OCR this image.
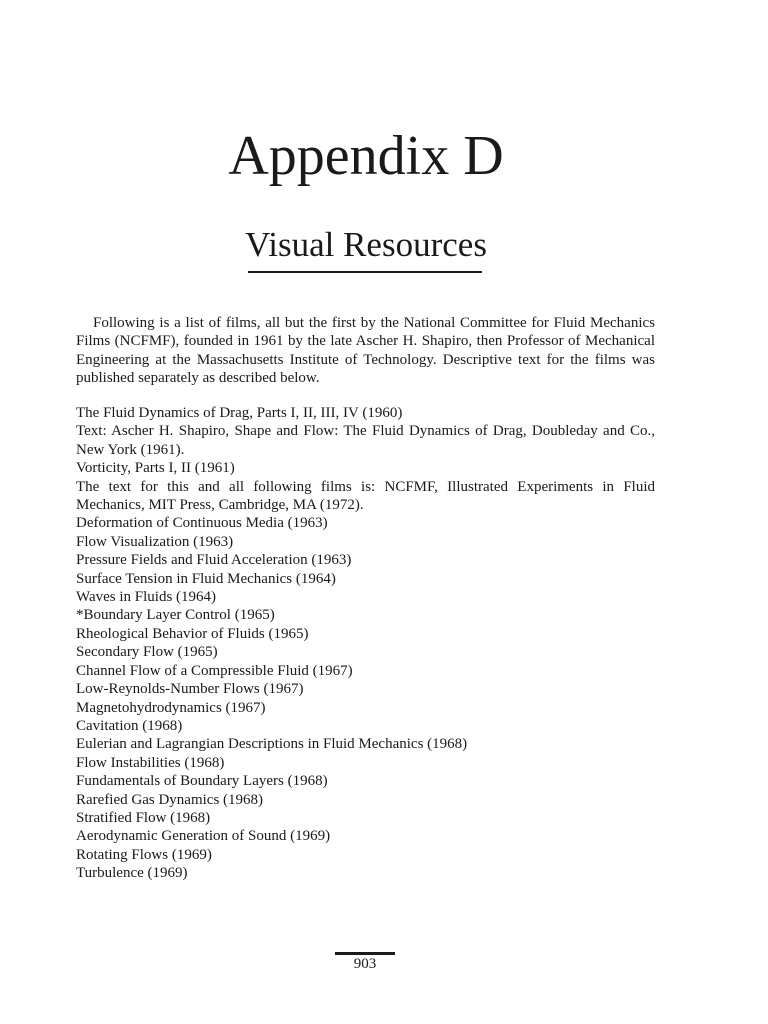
Appendix D
Visual Resources

Following is a list of films, all but the first by the National Committee for Fluid Mechanics Films (NCFMF), founded in 1961 by the late Ascher H. Shapiro, then Professor of Mechanical Engineering at the Massachusetts Institute of Technology. Descriptive text for the films was published separately as described below.

The Fluid Dynamics of Drag, Parts I, II, III, IV (1960)
Text: Ascher H. Shapiro, Shape and Flow: The Fluid Dynamics of Drag, Doubleday and Co., New York (1961).
Vorticity, Parts I, II (1961)
The text for this and all following films is: NCFMF, Illustrated Experiments in Fluid Mechanics, MIT Press, Cambridge, MA (1972).
Deformation of Continuous Media (1963)
Flow Visualization (1963)
Pressure Fields and Fluid Acceleration (1963)
Surface Tension in Fluid Mechanics (1964)
Waves in Fluids (1964)
*Boundary Layer Control (1965)
Rheological Behavior of Fluids (1965)
Secondary Flow (1965)
Channel Flow of a Compressible Fluid (1967)
Low-Reynolds-Number Flows (1967)
Magnetohydrodynamics (1967)
Cavitation (1968)
Eulerian and Lagrangian Descriptions in Fluid Mechanics (1968)
Flow Instabilities (1968)
Fundamentals of Boundary Layers (1968)
Rarefied Gas Dynamics (1968)
Stratified Flow (1968)
Aerodynamic Generation of Sound (1969)
Rotating Flows (1969)
Turbulence (1969)
903
